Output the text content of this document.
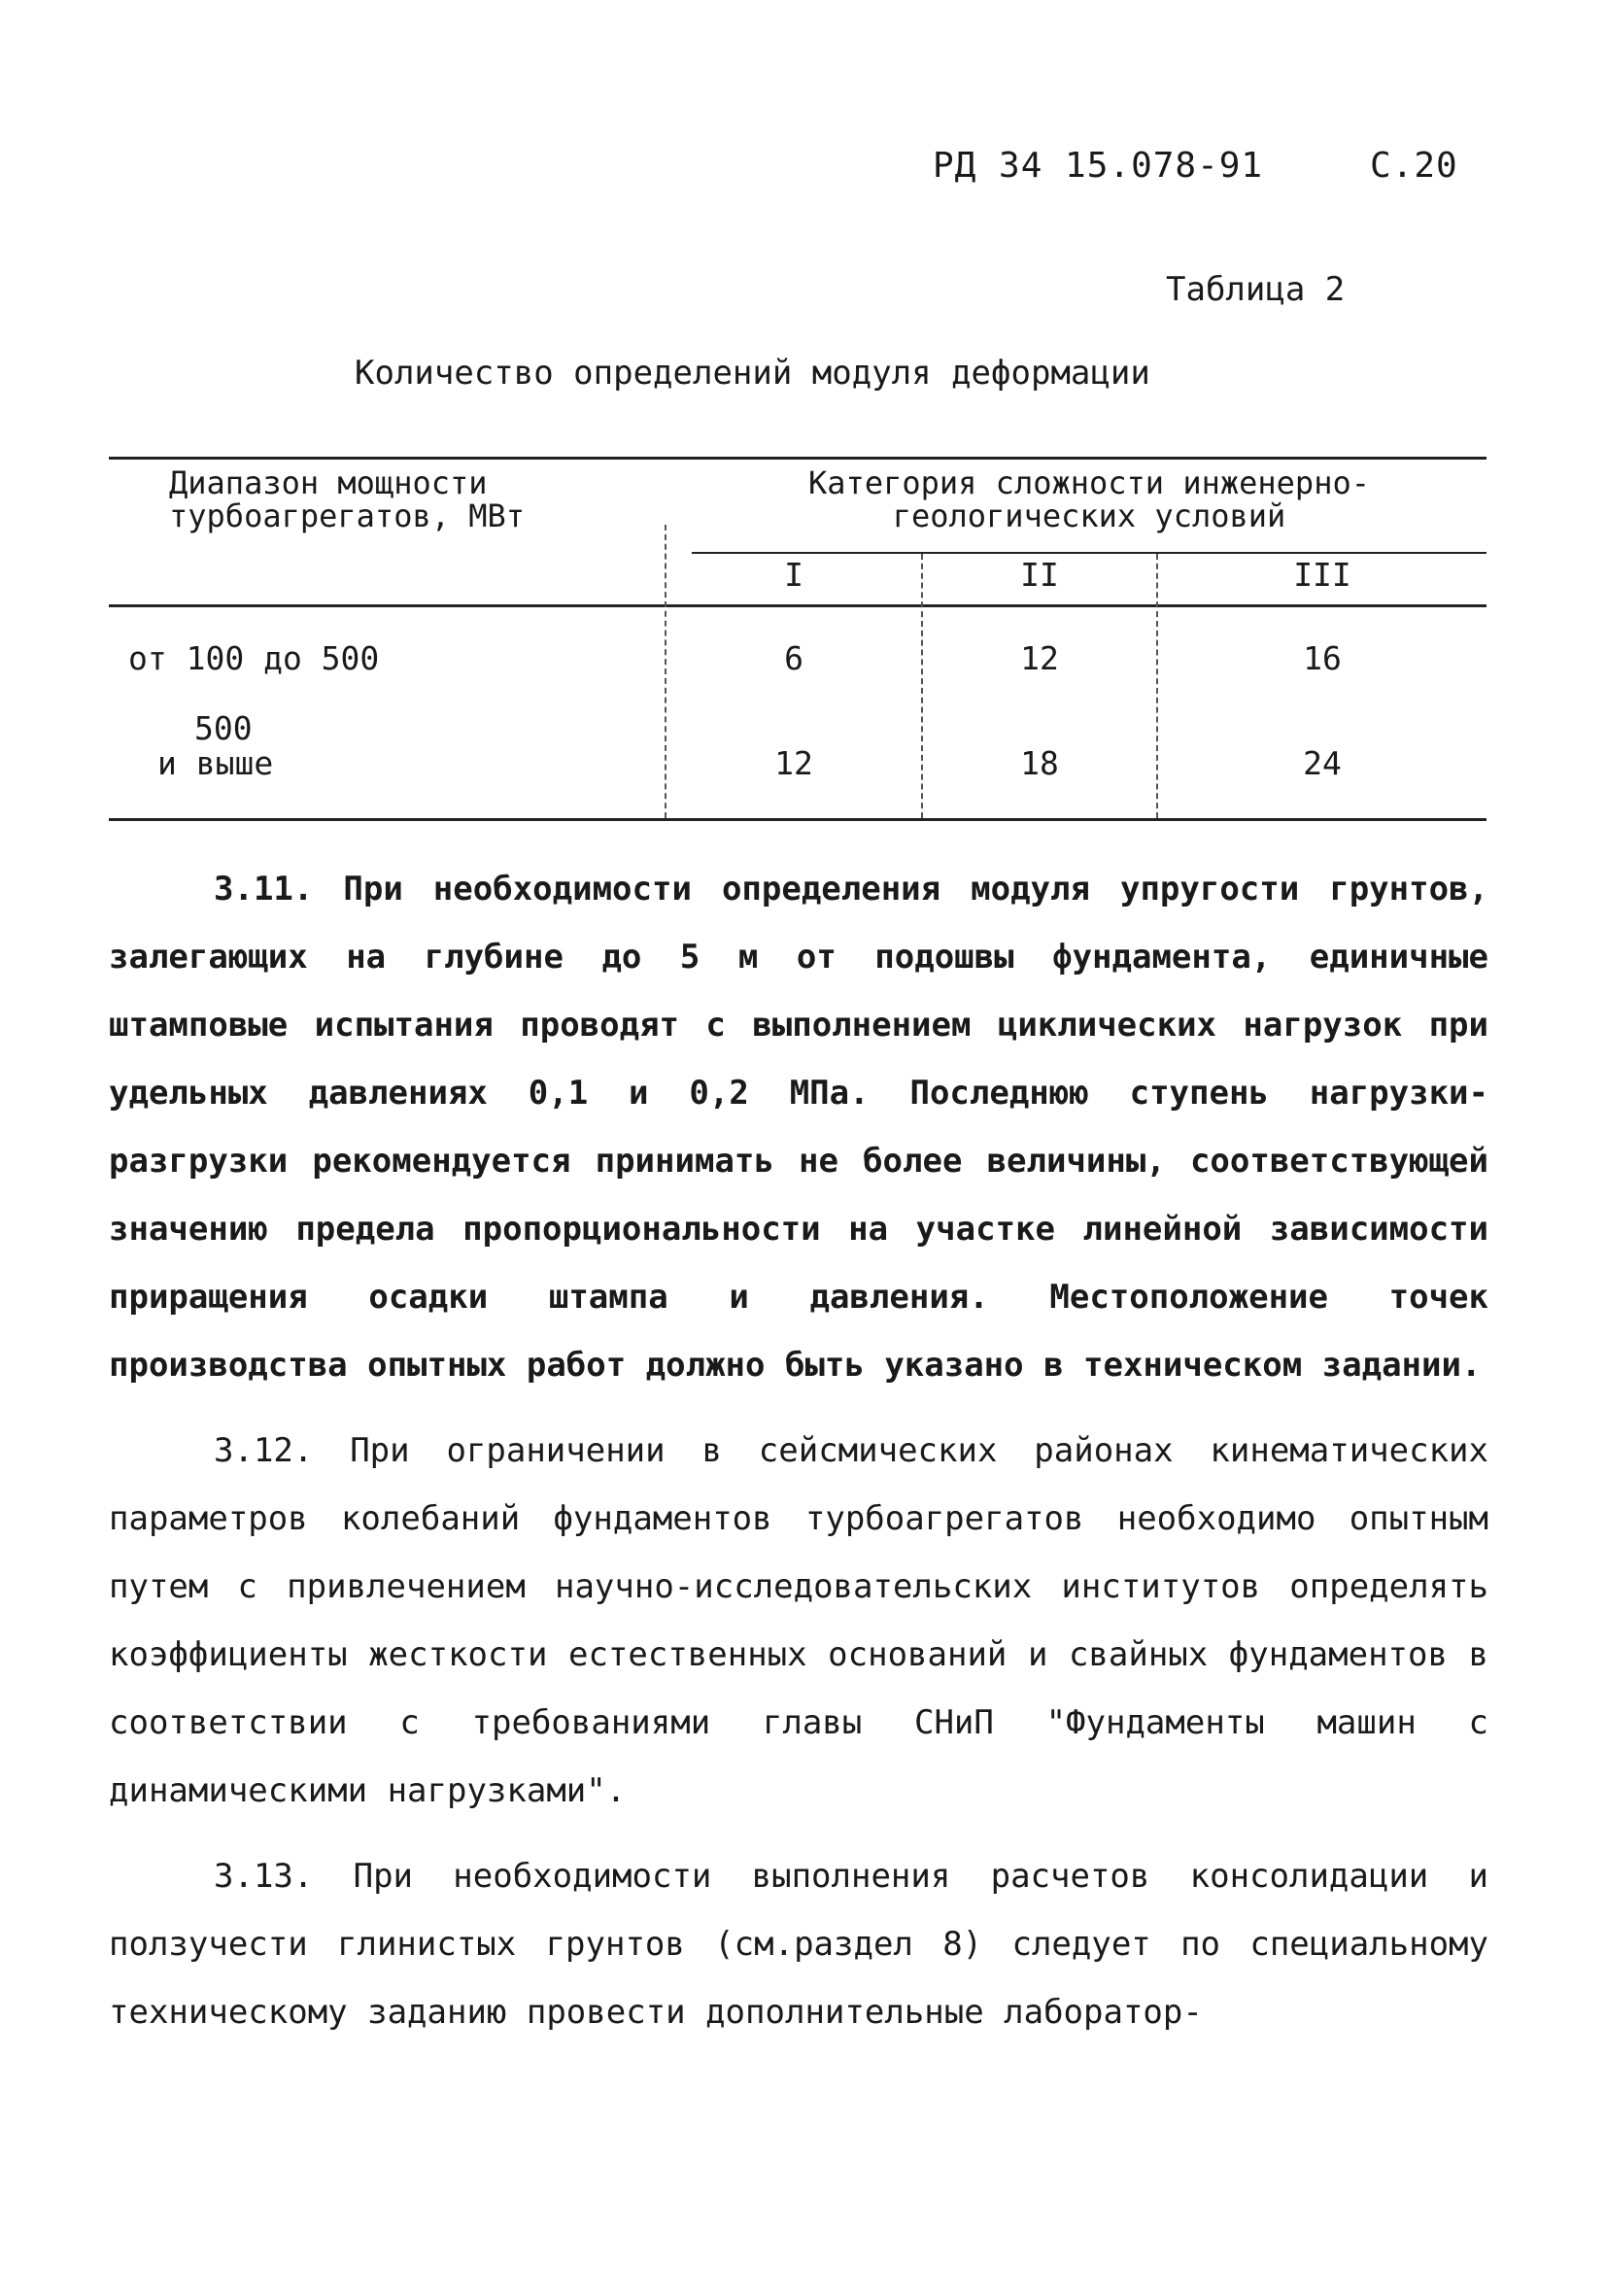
РД 34 15.078-91	С.20
Таблица 2
Количество определений модуля деформации
Диапазон мощности
турбоагрегатов, МВт
Категория сложности инженерно-
геологических условий
I	II	III
от 100 до 500	6	12	16
500
и выше	12	18	24

3.11. При необходимости определения модуля упругости грунтов, залегающих на глубине до 5 м от подошвы фундамента, единичные штамповые испытания проводят с выполнением циклических нагрузок при удельных давлениях 0,1 и 0,2 МПа. Последнюю ступень нагрузки-разгрузки рекомендуется принимать не более величины, соответствующей значению предела пропорциональности на участке линейной зависимости приращения осадки штампа и давления. Местоположение точек производства опытных работ должно быть указано в техническом задании.

3.12. При ограничении в сейсмических районах кинематических параметров колебаний фундаментов турбоагрегатов необходимо опытным путем с привлечением научно-исследовательских институтов определять коэффициенты жесткости естественных оснований и свайных фундаментов в соответствии с требованиями главы СНиП "Фундаменты машин с динамическими нагрузками".

3.13. При необходимости выполнения расчетов консолидации и ползучести глинистых грунтов (см.раздел 8) следует по специальному техническому заданию провести дополнительные лаборатор-
